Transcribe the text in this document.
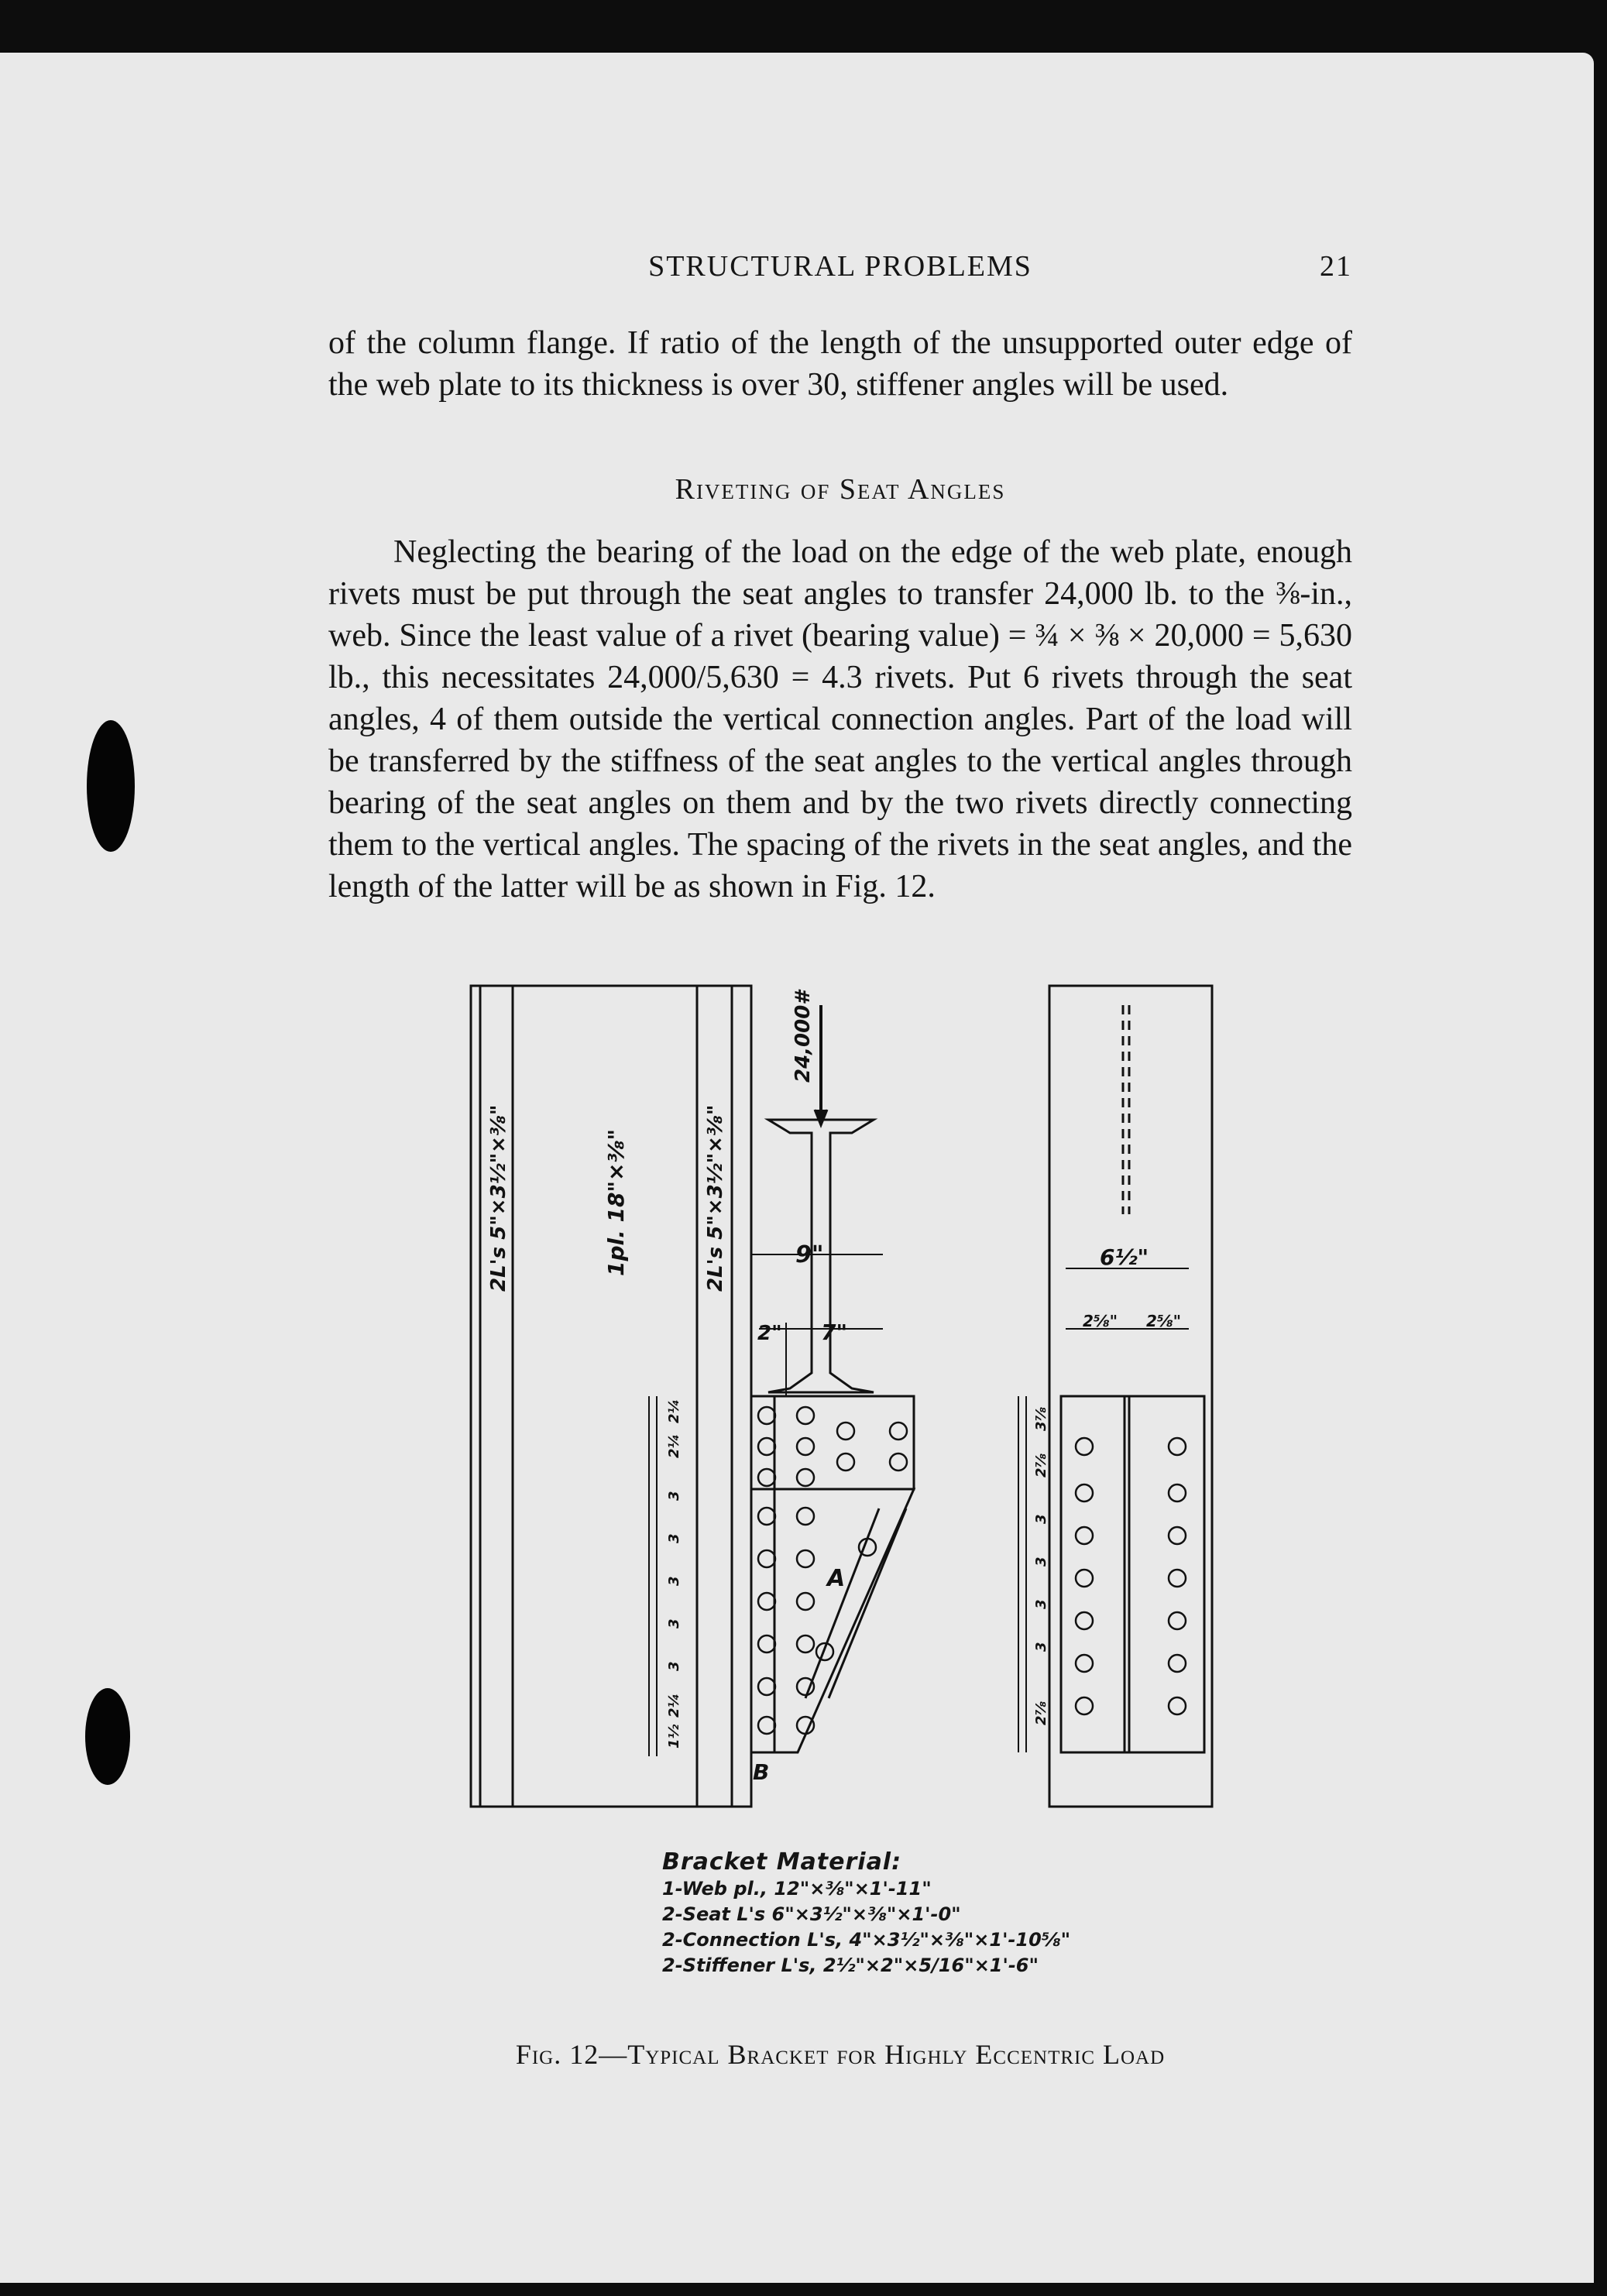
STRUCTURAL PROBLEMS	21

of the column flange. If ratio of the length of the unsupported outer edge of the web plate to its thickness is over 30, stiffener angles will be used.

Riveting of Seat Angles

Neglecting the bearing of the load on the edge of the web plate, enough rivets must be put through the seat angles to transfer 24,000 lb. to the ⅜-in., web. Since the least value of a rivet (bearing value) = ¾ × ⅜ × 20,000 = 5,630 lb., this necessitates 24,000/5,630 = 4.3 rivets. Put 6 rivets through the seat angles, 4 of them outside the vertical connection angles. Part of the load will be transferred by the stiffness of the seat angles to the vertical angles through bearing of the seat angles on them and by the two rivets directly connecting them to the vertical angles. The spacing of the rivets in the seat angles, and the length of the latter will be as shown in Fig. 12.

2L's 5"×3½"×⅜"	1pl. 18"×⅜"	2L's 5"×3½"×⅜"
24,000#
9"
2" 7"
6½"
2⅝" 2⅝"
A
B
2¼
2¼
3
3
3
3
3
2¼
1½
3⅞
2⅞
3
3
3
3
2⅞
Bracket Material:
1-Web pl., 12"×⅜"×1'-11"
2-Seat L's 6"×3½"×⅜"×1'-0"
2-Connection L's, 4"×3½"×⅜"×1'-10⅝"
2-Stiffener L's, 2½"×2"×5/16"×1'-6"
Fig. 12—Typical Bracket for Highly Eccentric Load
